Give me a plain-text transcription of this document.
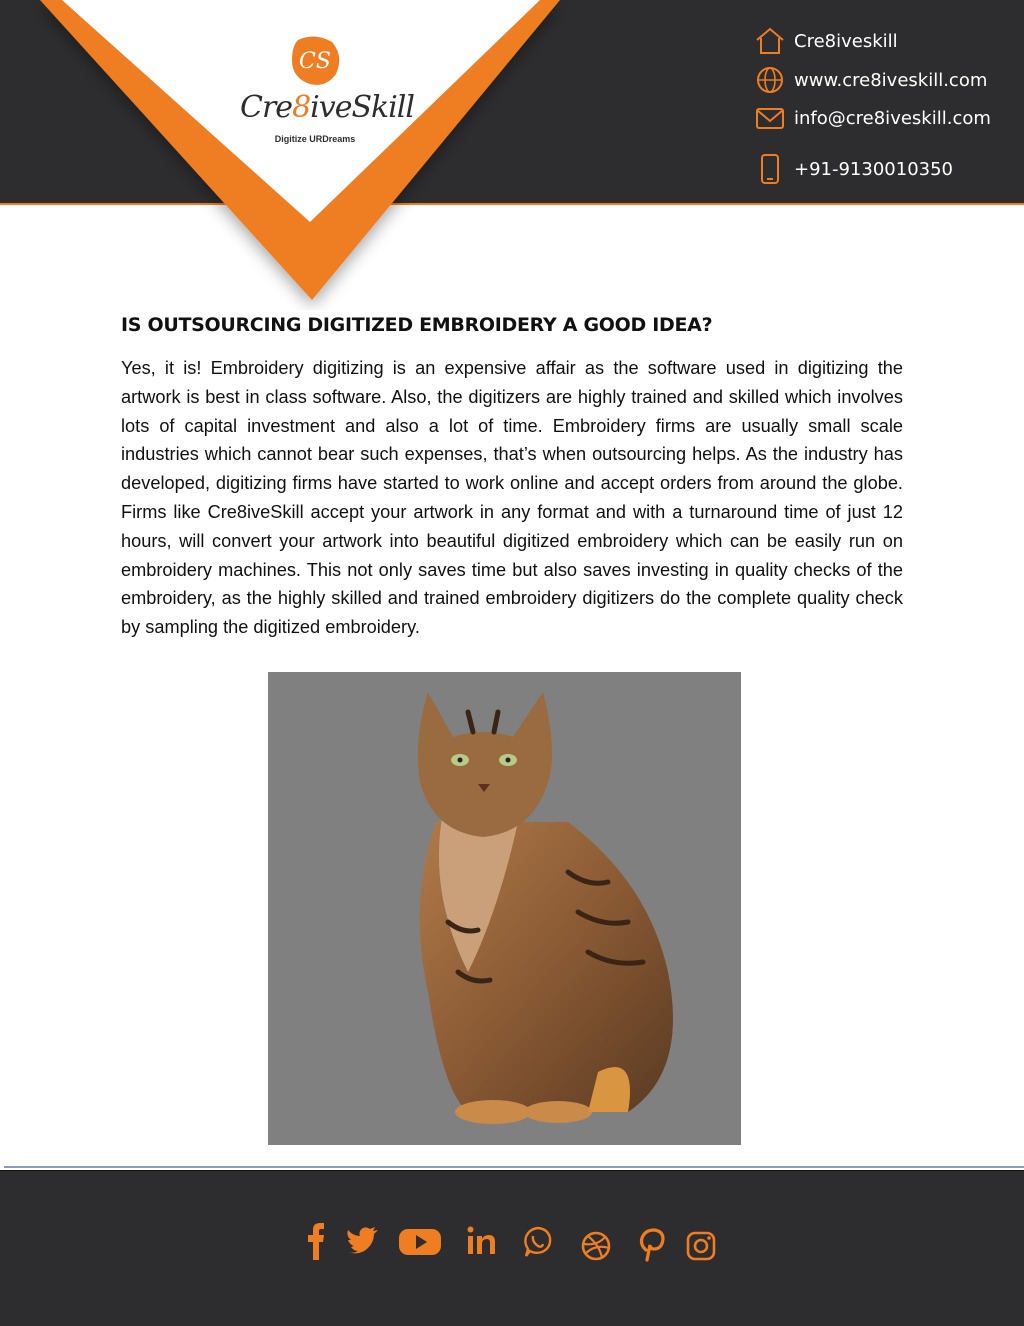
CS
Cre8iveSkill
Digitize URDreams
Cre8iveskill
www.cre8iveskill.com
info@cre8iveskill.com
+91-9130010350
IS OUTSOURCING DIGITIZED EMBROIDERY A GOOD IDEA?
Yes, it is! Embroidery digitizing is an expensive affair as the software used in digitizing the artwork is best in class software. Also, the digitizers are highly trained and skilled which involves lots of capital investment and also a lot of time. Embroidery firms are usually small scale industries which cannot bear such expenses, that’s when outsourcing helps. As the industry has developed, digitizing firms have started to work online and accept orders from around the globe. Firms like Cre8iveSkill accept your artwork in any format and with a turnaround time of just 12 hours, will convert your artwork into beautiful digitized embroidery which can be easily run on embroidery machines. This not only saves time but also saves investing in quality checks of the embroidery, as the highly skilled and trained embroidery digitizers do the complete quality check by sampling the digitized embroidery.
